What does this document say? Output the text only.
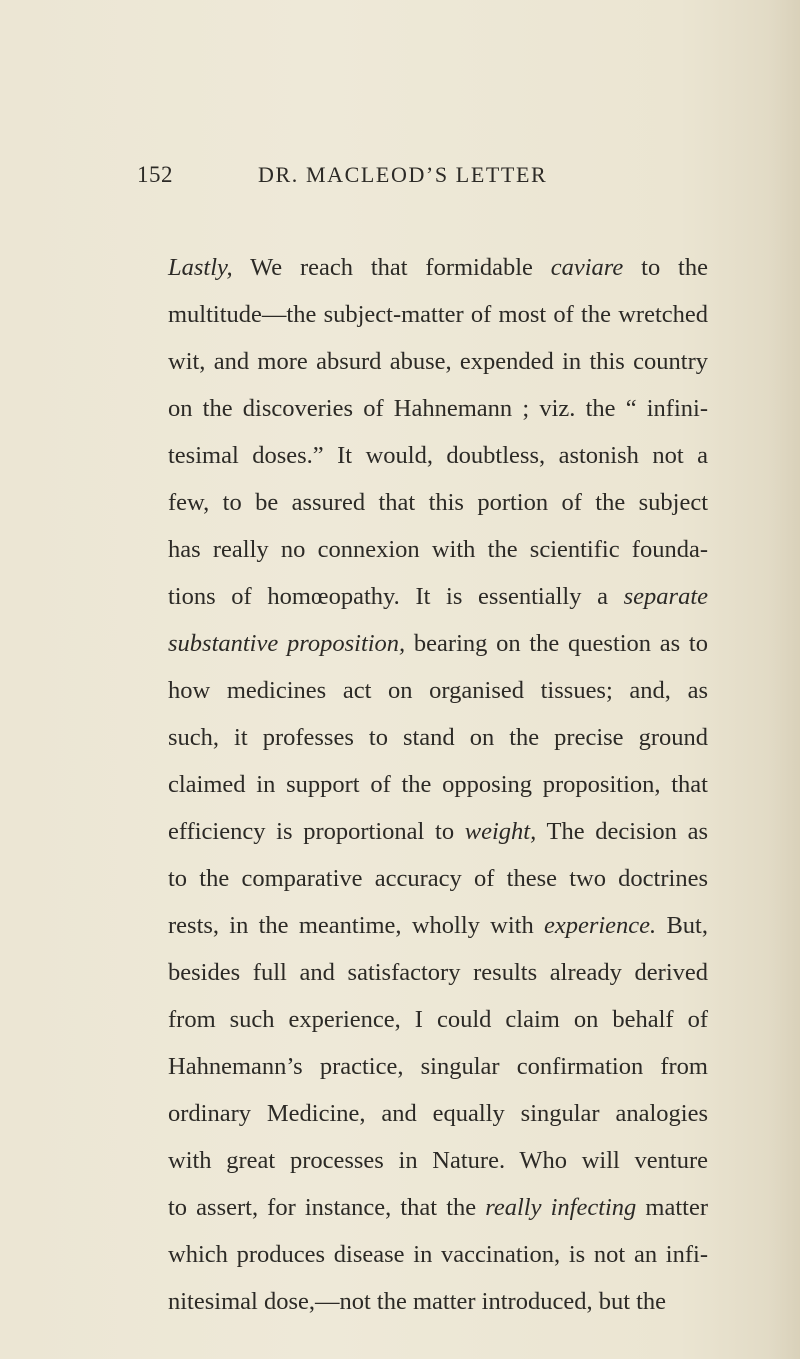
152	DR. MACLEOD’S LETTER
Lastly, We reach that formidable caviare to the
multitude—the subject-matter of most of the wretched
wit, and more absurd abuse, expended in this country
on the discoveries of Hahnemann ; viz. the “ infini-
tesimal doses.” It would, doubtless, astonish not a
few, to be assured that this portion of the subject
has really no connexion with the scientific founda-
tions of homœopathy. It is essentially a separate
substantive proposition, bearing on the question as to
how medicines act on organised tissues; and, as
such, it professes to stand on the precise ground
claimed in support of the opposing proposition, that
efficiency is proportional to weight, The decision as
to the comparative accuracy of these two doctrines
rests, in the meantime, wholly with experience. But,
besides full and satisfactory results already derived
from such experience, I could claim on behalf of
Hahnemann’s practice, singular confirmation from
ordinary Medicine, and equally singular analogies
with great processes in Nature. Who will venture
to assert, for instance, that the really infecting matter
which produces disease in vaccination, is not an infi-
nitesimal dose,—not the matter introduced, but the
